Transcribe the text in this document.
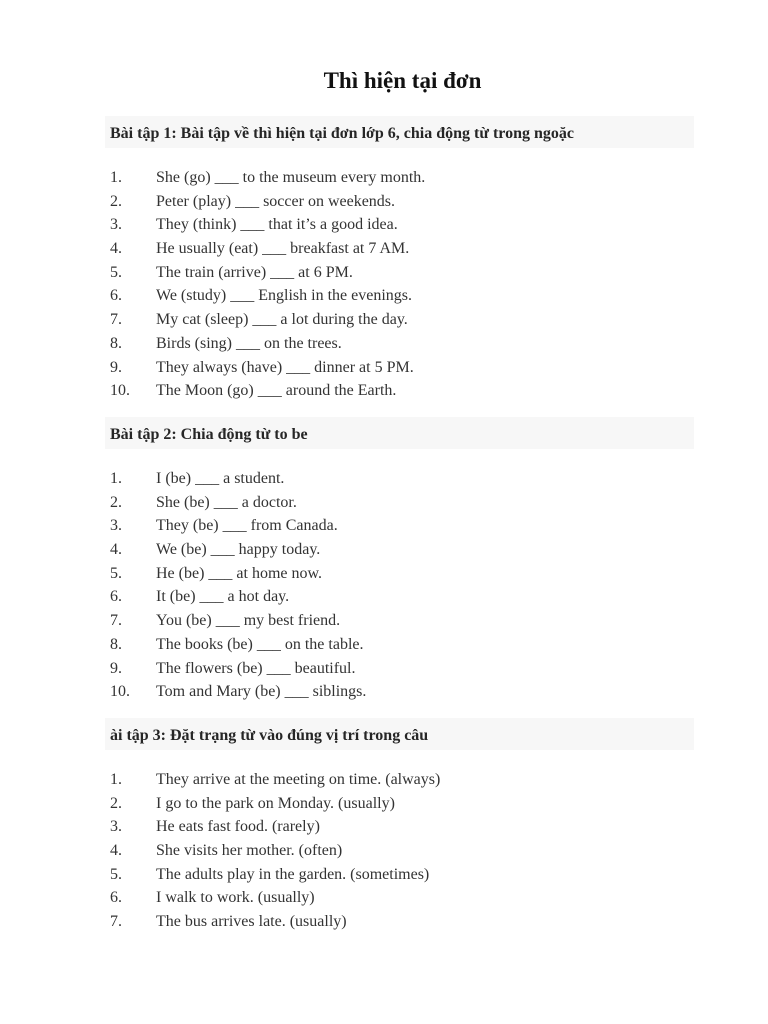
Thì hiện tại đơn
Bài tập 1: Bài tập về thì hiện tại đơn lớp 6, chia động từ trong ngoặc
1.	She (go) ___ to the museum every month.
2.	Peter (play) ___ soccer on weekends.
3.	They (think) ___ that it’s a good idea.
4.	He usually (eat) ___ breakfast at 7 AM.
5.	The train (arrive) ___ at 6 PM.
6.	We (study) ___ English in the evenings.
7.	My cat (sleep) ___ a lot during the day.
8.	Birds (sing) ___ on the trees.
9.	They always (have) ___ dinner at 5 PM.
10.	The Moon (go) ___ around the Earth.
Bài tập 2: Chia động từ to be
1.	I (be) ___ a student.
2.	She (be) ___ a doctor.
3.	They (be) ___ from Canada.
4.	We (be) ___ happy today.
5.	He (be) ___ at home now.
6.	It (be) ___ a hot day.
7.	You (be) ___ my best friend.
8.	The books (be) ___ on the table.
9.	The flowers (be) ___ beautiful.
10.	Tom and Mary (be) ___ siblings.
ài tập 3: Đặt trạng từ vào đúng vị trí trong câu
1.	They arrive at the meeting on time. (always)
2.	I go to the park on Monday. (usually)
3.	He eats fast food. (rarely)
4.	She visits her mother. (often)
5.	The adults play in the garden. (sometimes)
6.	I walk to work. (usually)
7.	The bus arrives late. (usually)
